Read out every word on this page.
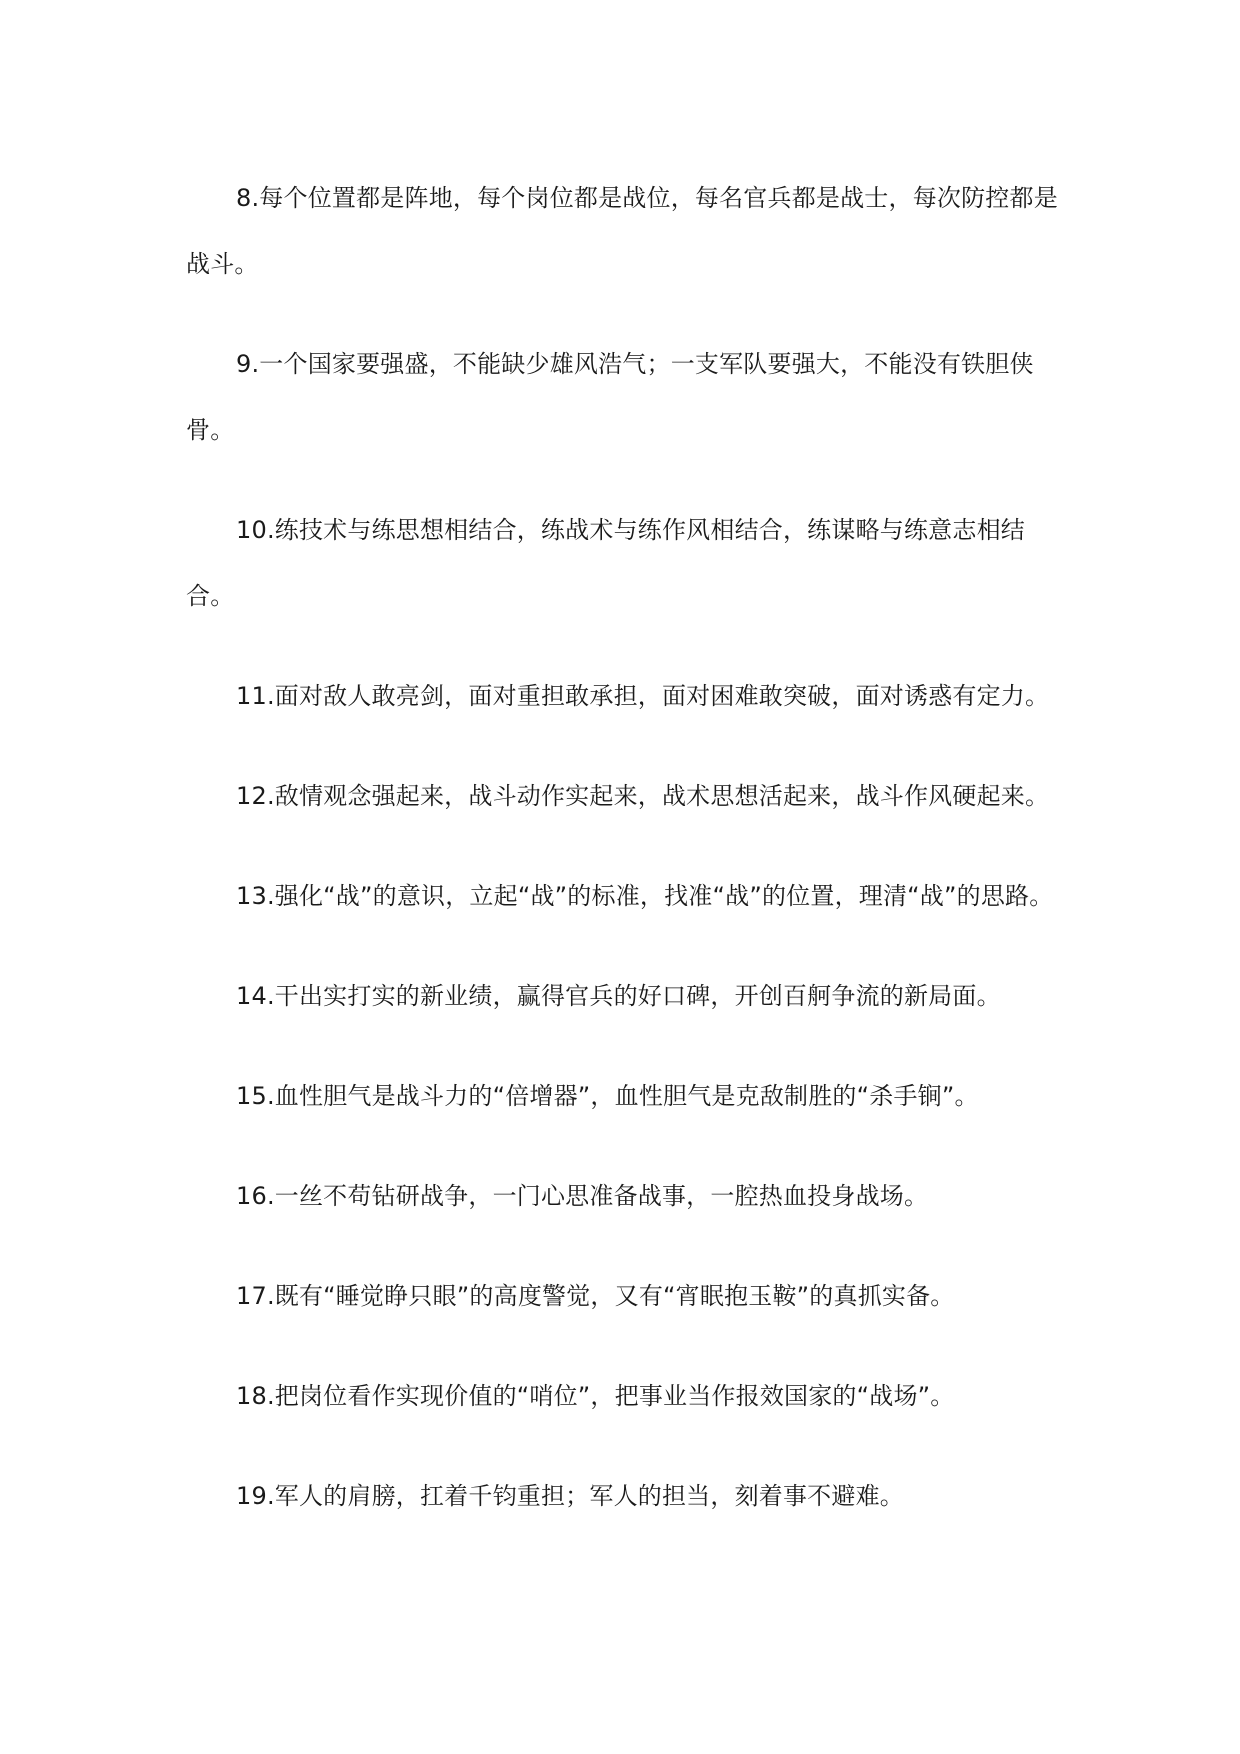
8.每个位置都是阵地，每个岗位都是战位，每名官兵都是战士，每次防控都是战斗。
9.一个国家要强盛，不能缺少雄风浩气；一支军队要强大，不能没有铁胆侠骨。
10.练技术与练思想相结合，练战术与练作风相结合，练谋略与练意志相结合。
11.面对敌人敢亮剑，面对重担敢承担，面对困难敢突破，面对诱惑有定力。
12.敌情观念强起来，战斗动作实起来，战术思想活起来，战斗作风硬起来。
13.强化“战”的意识，立起“战”的标准，找准“战”的位置，理清“战”的思路。
14.干出实打实的新业绩，赢得官兵的好口碑，开创百舸争流的新局面。
15.血性胆气是战斗力的“倍增器”，血性胆气是克敌制胜的“杀手锏”。
16.一丝不苟钻研战争，一门心思准备战事，一腔热血投身战场。
17.既有“睡觉睁只眼”的高度警觉，又有“宵眠抱玉鞍”的真抓实备。
18.把岗位看作实现价值的“哨位”，把事业当作报效国家的“战场”。
19.军人的肩膀，扛着千钧重担；军人的担当，刻着事不避难。
